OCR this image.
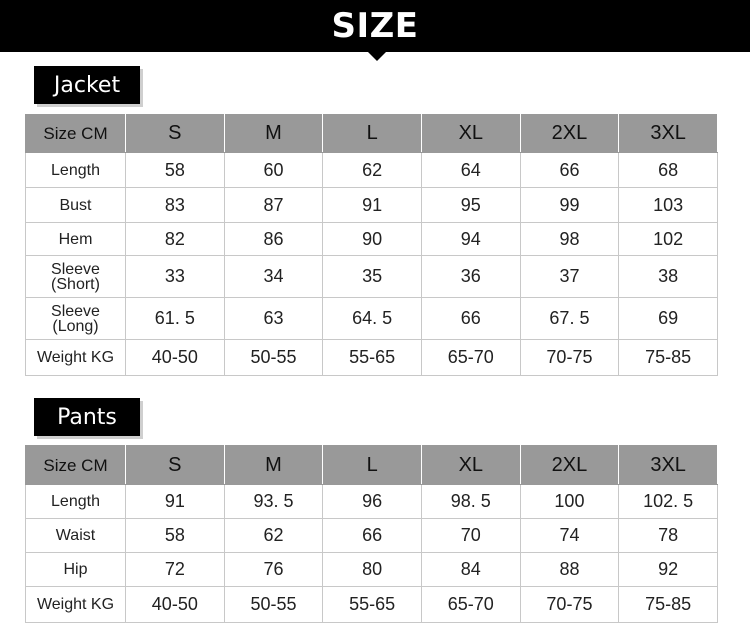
SIZE
Jacket
Size CM	S	M	L	XL	2XL	3XL
Length	58	60	62	64	66	68
Bust	83	87	91	95	99	103
Hem	82	86	90	94	98	102

Sleeve
(Short)	33	34	35	36	37	38

Sleeve
(Long)	61. 5	63	64. 5	66	67. 5	69
Weight KG	40-50	50-55	55-65	65-70	70-75	75-85
Pants
Size CM	S	M	L	XL	2XL	3XL
Length	91	93. 5	96	98. 5	100	102. 5
Waist	58	62	66	70	74	78
Hip	72	76	80	84	88	92
Weight KG	40-50	50-55	55-65	65-70	70-75	75-85
